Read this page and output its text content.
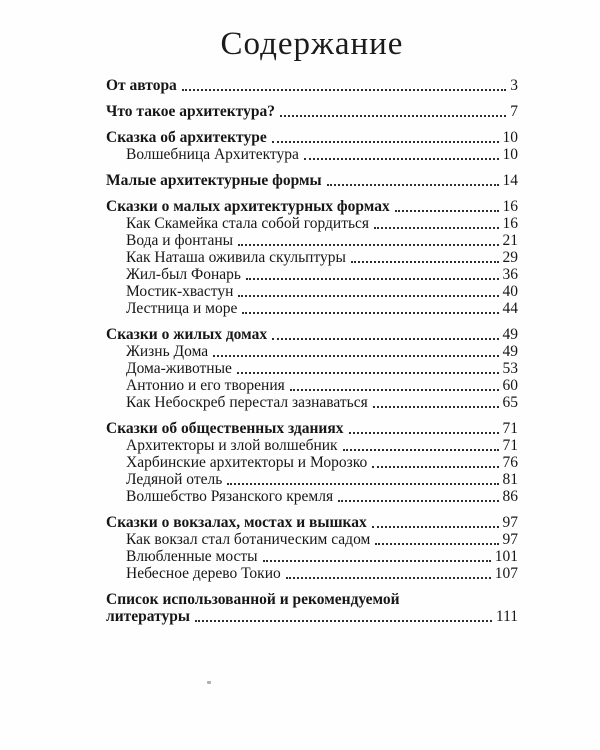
Содержание
От автора	3
Что такое архитектура?	7
Сказка об архитектуре	10
Волшебница Архитектура	10
Малые архитектурные формы	14
Сказки о малых архитектурных формах	16
Как Скамейка стала собой гордиться	16
Вода и фонтаны	21
Как Наташа оживила скульптуры	29
Жил-был Фонарь	36
Мостик-хвастун	40
Лестница и море	44
Сказки о жилых домах	49
Жизнь Дома	49
Дома-животные	53
Антонио и его творения	60
Как Небоскреб перестал зазнаваться	65
Сказки об общественных зданиях	71
Архитекторы и злой волшебник	71
Харбинские архитекторы и Морозко	76
Ледяной отель	81
Волшебство Рязанского кремля	86
Сказки о вокзалах, мостах и вышках	97
Как вокзал стал ботаническим садом	97
Влюбленные мосты	101
Небесное дерево Токио	107
Список использованной и рекомендуемой
литературы	111
